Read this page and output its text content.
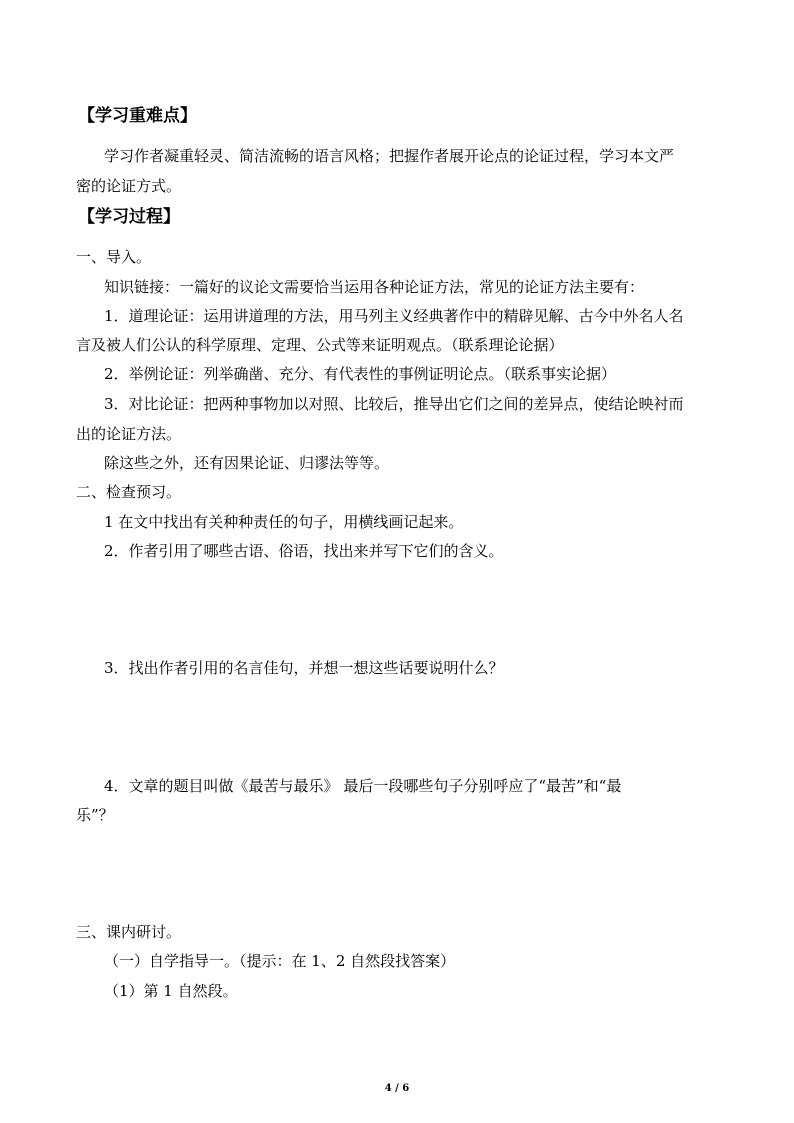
【学习重难点】
学习作者凝重轻灵、简洁流畅的语言风格；把握作者展开论点的论证过程，学习本文严
密的论证方式。
【学习过程】
一、导入。
知识链接：一篇好的议论文需要恰当运用各种论证方法，常见的论证方法主要有：
1．道理论证：运用讲道理的方法，用马列主义经典著作中的精辟见解、古今中外名人名
言及被人们公认的科学原理、定理、公式等来证明观点。（联系理论论据）
2．举例论证：列举确凿、充分、有代表性的事例证明论点。（联系事实论据）
3．对比论证：把两种事物加以对照、比较后，推导出它们之间的差异点，使结论映衬而
出的论证方法。
除这些之外，还有因果论证、归谬法等等。
二、检查预习。
1 在文中找出有关种种责任的句子，用横线画记起来。
2．作者引用了哪些古语、俗语，找出来并写下它们的含义。
3．找出作者引用的名言佳句，并想一想这些话要说明什么？
4．文章的题目叫做《最苦与最乐》 最后一段哪些句子分别呼应了“最苦”和“最
乐”？
三、课内研讨。
（一）自学指导一。（提示：在 1、2 自然段找答案）
（1）第 1 自然段。
4 / 6
